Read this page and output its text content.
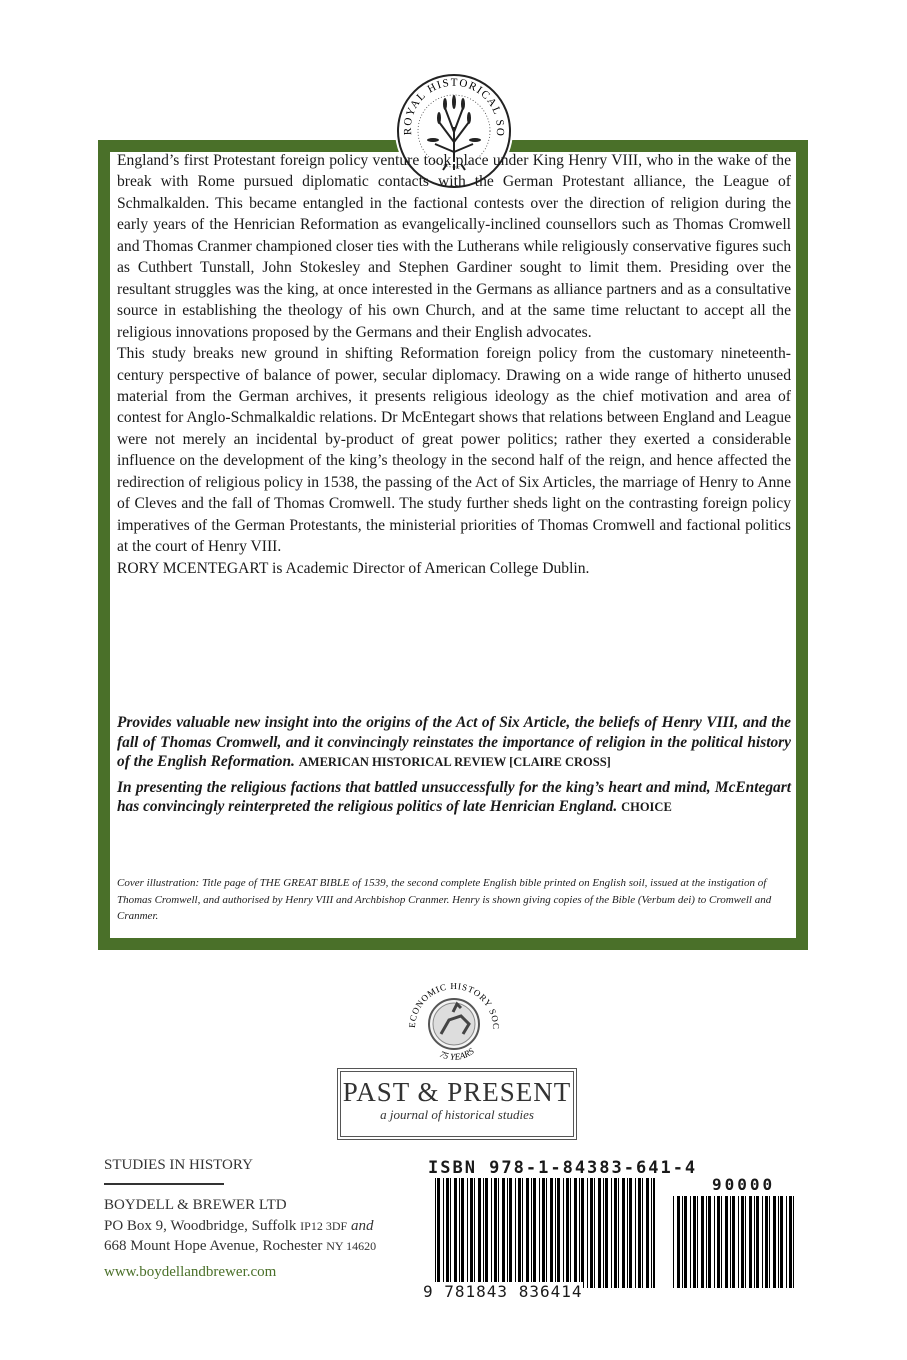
ROYAL HISTORICAL SO

England’s first Protestant foreign policy venture took place under King Henry VIII, who in the wake of the break with Rome pursued diplomatic contacts with the German Protestant alliance, the League of Schmalkalden. This became entangled in the factional contests over the direction of religion during the early years of the Henrician Reformation as evangelically-inclined counsellors such as Thomas Cromwell and Thomas Cranmer championed closer ties with the Lutherans while religiously conservative figures such as Cuthbert Tunstall, John Stokesley and Stephen Gardiner sought to limit them. Presiding over the resultant struggles was the king, at once interested in the Germans as alliance partners and as a consultative source in establishing the theology of his own Church, and at the same time reluctant to accept all the religious innovations proposed by the Germans and their English advocates.

This study breaks new ground in shifting Reformation foreign policy from the customary nineteenth-century perspective of balance of power, secular diplomacy. Drawing on a wide range of hitherto unused material from the German archives, it presents religious ideology as the chief motivation and area of contest for Anglo-Schmalkaldic relations. Dr McEntegart shows that relations between England and League were not merely an incidental by-product of great power politics; rather they exerted a considerable influence on the development of the king’s theology in the second half of the reign, and hence affected the redirection of religious policy in 1538, the passing of the Act of Six Articles, the marriage of Henry to Anne of Cleves and the fall of Thomas Cromwell. The study further sheds light on the contrasting foreign policy imperatives of the German Protestants, the ministerial priorities of Thomas Cromwell and factional politics at the court of Henry VIII.

RORY MCENTEGART is Academic Director of American College Dublin.

Provides valuable new insight into the origins of the Act of Six Article, the beliefs of Henry VIII, and the fall of Thomas Cromwell, and it convincingly reinstates the importance of religion in the political history of the English Reformation. AMERICAN HISTORICAL REVIEW [CLAIRE CROSS]

In presenting the religious factions that battled unsuccessfully for the king’s heart and mind, McEntegart has convincingly reinterpreted the religious politics of late Henrician England. CHOICE

Cover illustration: Title page of THE GREAT BIBLE of 1539, the second complete English bible printed on English soil, issued at the instigation of Thomas Cromwell, and authorised by Henry VIII and Archbishop Cranmer. Henry is shown giving copies of the Bible (Verbum dei) to Cromwell and Cranmer.
ECONOMIC HISTORY SOC
75 YEARS
PAST & PRESENT
a journal of historical studies
STUDIES IN HISTORY
BOYDELL & BREWER LTD
PO Box 9, Woodbridge, Suffolk IP12 3DF and
668 Mount Hope Avenue, Rochester NY 14620
www.boydellandbrewer.com
ISBN 978-1-84383-641-4
90000
9 781843 836414
